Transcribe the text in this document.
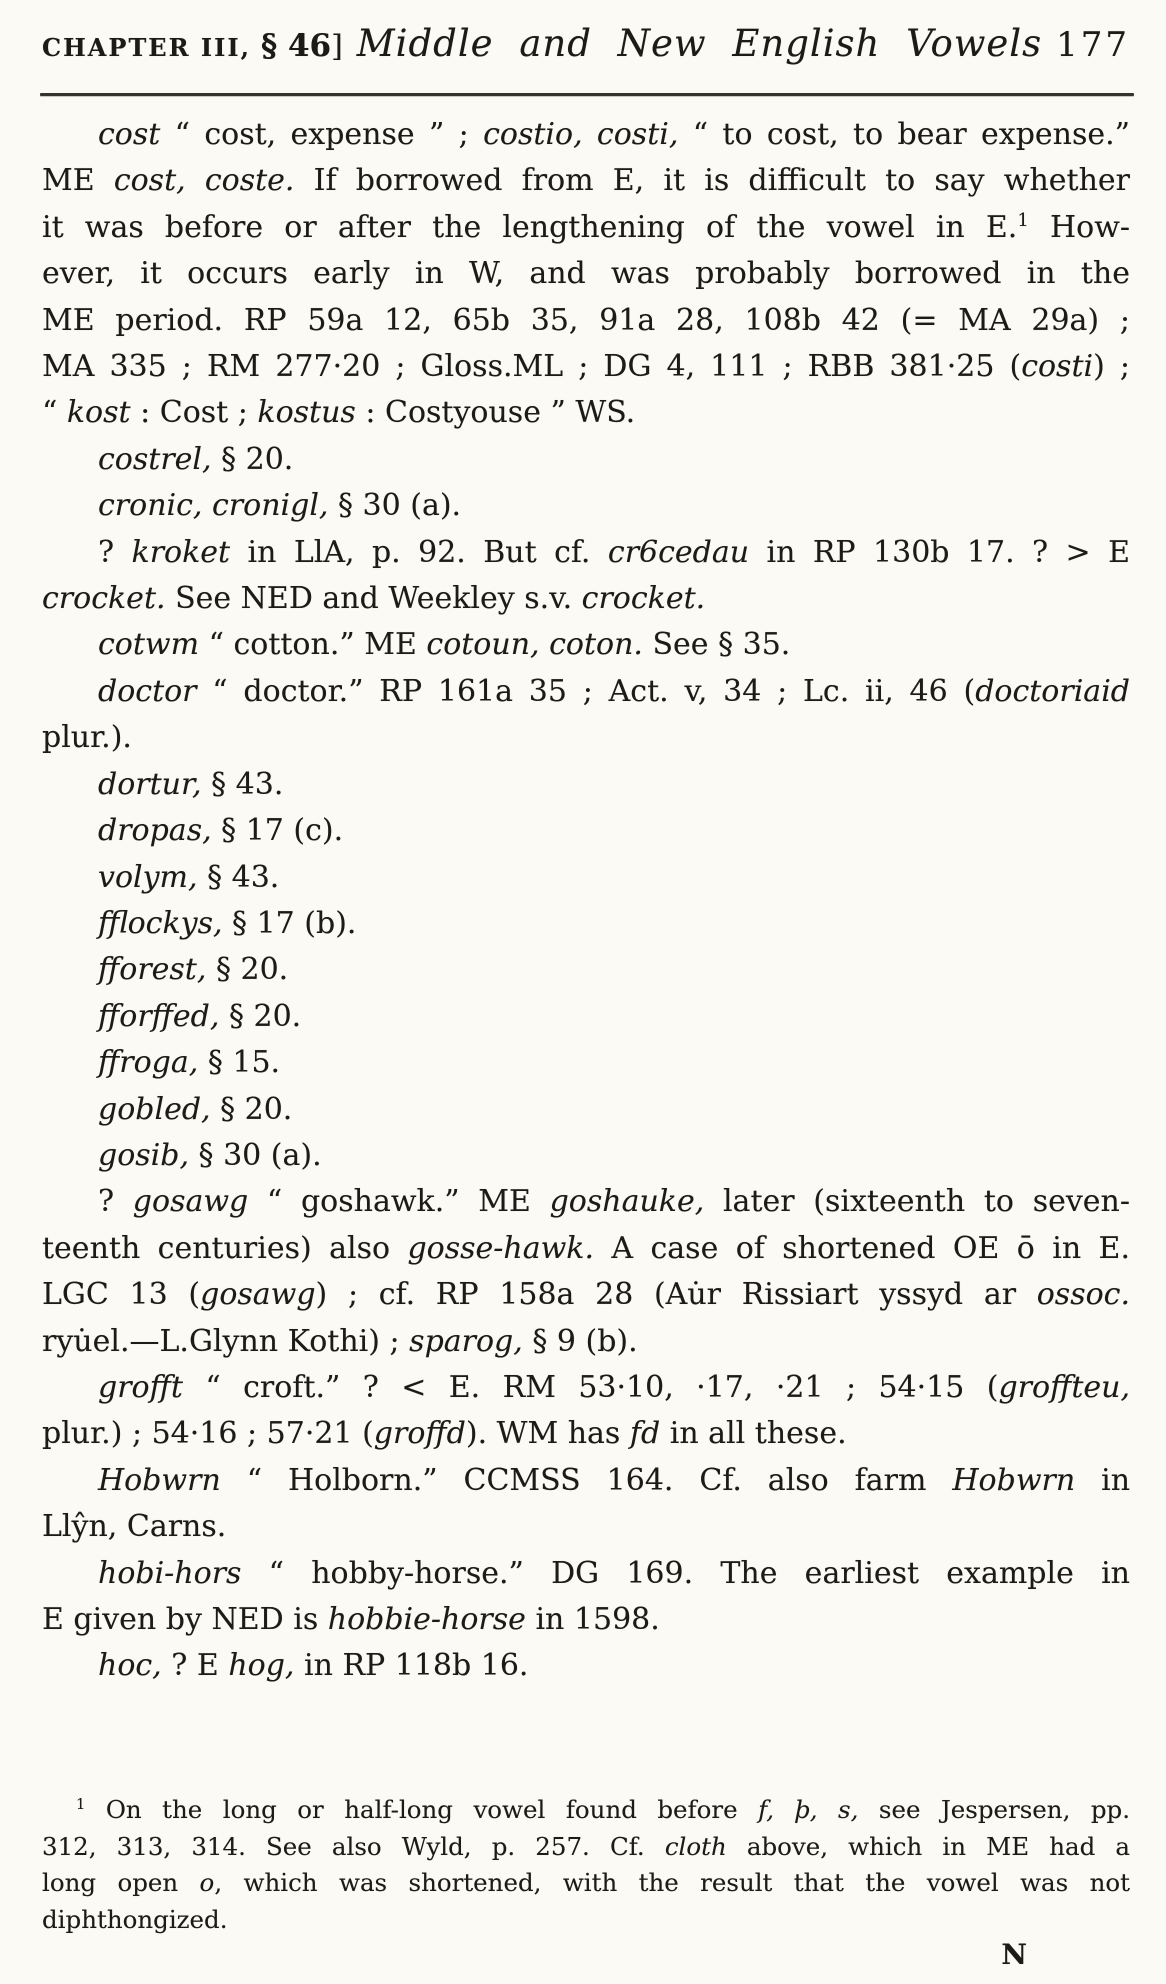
CHAPTER III, § 46 ] Middle and New English Vowels 177
cost “ cost, expense ” ; costio, costi, “ to cost, to bear expense.”
ME cost, coste. If borrowed from E, it is difficult to say whether
it was before or after the lengthening of the vowel in E.$^1$ How-
ever, it occurs early in W, and was probably borrowed in the
ME period. RP 59a 12, 65b 35, 91a 28, 108b 42 (= MA 29a) ;
MA 335 ; RM 277·20 ; Gloss.ML ; DG 4, 111 ; RBB 381·25 (costi) ;
“ kost : Cost ; kostus : Costyouse ” WS.
costrel, § 20.
cronic, cronigl, § 30 (a).
? kroket in LlA, p. 92. But cf. cr6cedau in RP 130b 17. ? > E
crocket. See NED and Weekley s.v. crocket.
cotwm “ cotton.” ME cotoun, coton. See § 35.
doctor “ doctor.” RP 161a 35 ; Act. v, 34 ; Lc. ii, 46 (doctoriaid
plur.).
dortur, § 43.
dropas, § 17 (c).
volym, § 43.
fflockys, § 17 (b).
fforest, § 20.
fforffed, § 20.
ffroga, § 15.
gobled, § 20.
gosib, § 30 (a).
? gosawg “ goshawk.” ME goshauke, later (sixteenth to seven-
teenth centuries) also gosse-hawk. A case of shortened OE ō in E.
LGC 13 (gosawg) ; cf. RP 158a 28 (Au̇r Rissiart yssyd ar ossoc.
ryu̇el.—L.Glynn Kothi) ; sparog, § 9 (b).
grofft “ croft.” ? < E. RM 53·10, ·17, ·21 ; 54·15 (groffteu,
plur.) ; 54·16 ; 57·21 (groffd). WM has fd in all these.
Hobwrn “ Holborn.” CCMSS 164. Cf. also farm Hobwrn in
Llŷn, Carns.
hobi-hors “ hobby-horse.” DG 169. The earliest example in
E given by NED is hobbie-horse in 1598.
hoc, ? E hog, in RP 118b 16.
$^1$ On the long or half-long vowel found before f, þ, s, see Jespersen, pp.
312, 313, 314. See also Wyld, p. 257. Cf. cloth above, which in ME had a
long open o, which was shortened, with the result that the vowel was not
diphthongized.
N
